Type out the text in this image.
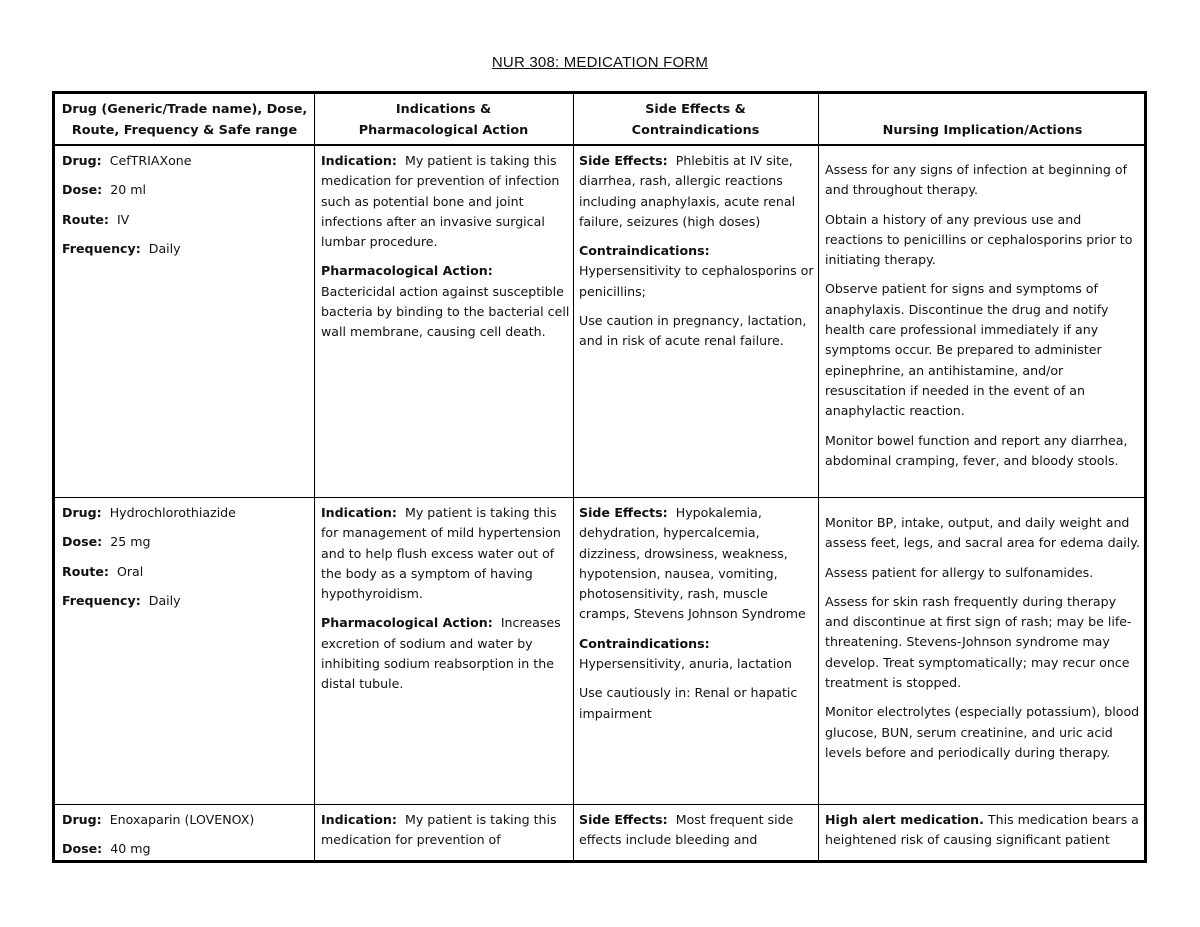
NUR 308: MEDICATION FORM
Drug (Generic/Trade name), Dose,
Route, Frequency & Safe range
Indications &
Pharmacological Action
Side Effects &
Contraindications	Nursing Implication/Actions
Drug: CefTRIAXone
Dose: 20 ml
Route: IV
Frequency: Daily

Indication: My patient is taking this medication for prevention of infection such as potential bone and joint infections after an invasive surgical lumbar procedure.

Pharmacological Action:
Bactericidal action against susceptible bacteria by binding to the bacterial cell wall membrane, causing cell death.

Side Effects: Phlebitis at IV site, diarrhea, rash, allergic reactions including anaphylaxis, acute renal failure, seizures (high doses)

Contraindications:
Hypersensitivity to cephalosporins or penicillins;

Use caution in pregnancy, lactation, and in risk of acute renal failure.

Assess for any signs of infection at beginning of and throughout therapy.

Obtain a history of any previous use and reactions to penicillins or cephalosporins prior to initiating therapy.

Observe patient for signs and symptoms of anaphylaxis. Discontinue the drug and notify health care professional immediately if any symptoms occur. Be prepared to administer epinephrine, an antihistamine, and/or resuscitation if needed in the event of an anaphylactic reaction.

Monitor bowel function and report any diarrhea, abdominal cramping, fever, and bloody stools.

Drug: Hydrochlorothiazide
Dose: 25 mg
Route: Oral
Frequency: Daily

Indication: My patient is taking this for management of mild hypertension and to help flush excess water out of the body as a symptom of having hypothyroidism.

Pharmacological Action: Increases excretion of sodium and water by inhibiting sodium reabsorption in the distal tubule.

Side Effects: Hypokalemia, dehydration, hypercalcemia, dizziness, drowsiness, weakness, hypotension, nausea, vomiting, photosensitivity, rash, muscle cramps, Stevens Johnson Syndrome

Contraindications:
Hypersensitivity, anuria, lactation

Use cautiously in: Renal or hapatic impairment

Monitor BP, intake, output, and daily weight and assess feet, legs, and sacral area for edema daily.

Assess patient for allergy to sulfonamides.

Assess for skin rash frequently during therapy and discontinue at first sign of rash; may be life-threatening. Stevens-Johnson syndrome may develop. Treat symptomatically; may recur once treatment is stopped.

Monitor electrolytes (especially potassium), blood glucose, BUN, serum creatinine, and uric acid levels before and periodically during therapy.

Drug: Enoxaparin (LOVENOX)
Dose: 40 mg

Indication: My patient is taking this medication for prevention of

Side Effects: Most frequent side effects include bleeding and

High alert medication. This medication bears a heightened risk of causing significant patient
